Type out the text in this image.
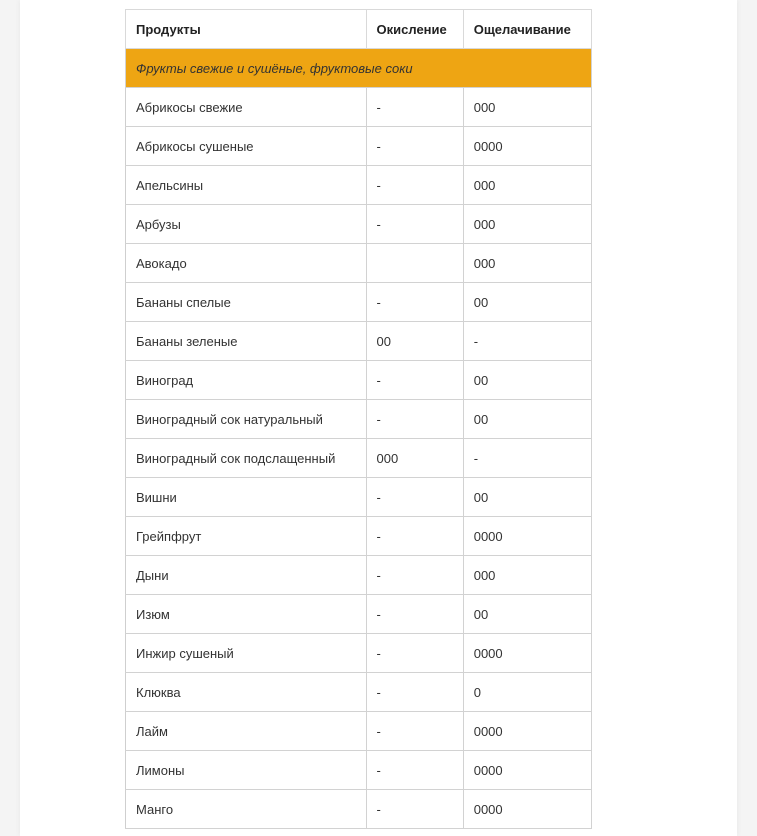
Продукты	Окисление	Ощелачивание
Фрукты свежие и сушёные, фруктовые соки		
Абрикосы свежие	-	000
Абрикосы сушеные	-	0000
Апельсины	-	000
Арбузы	-	000
Авокадо		000
Бананы спелые	-	00
Бананы зеленые	00	-
Виноград	-	00
Виноградный сок натуральный	-	00
Виноградный сок подслащенный	000	-
Вишни	-	00
Грейпфрут	-	0000
Дыни	-	000
Изюм	-	00
Инжир сушеный	-	0000
Клюква	-	0
Лайм	-	0000
Лимоны	-	0000
Манго	-	0000
